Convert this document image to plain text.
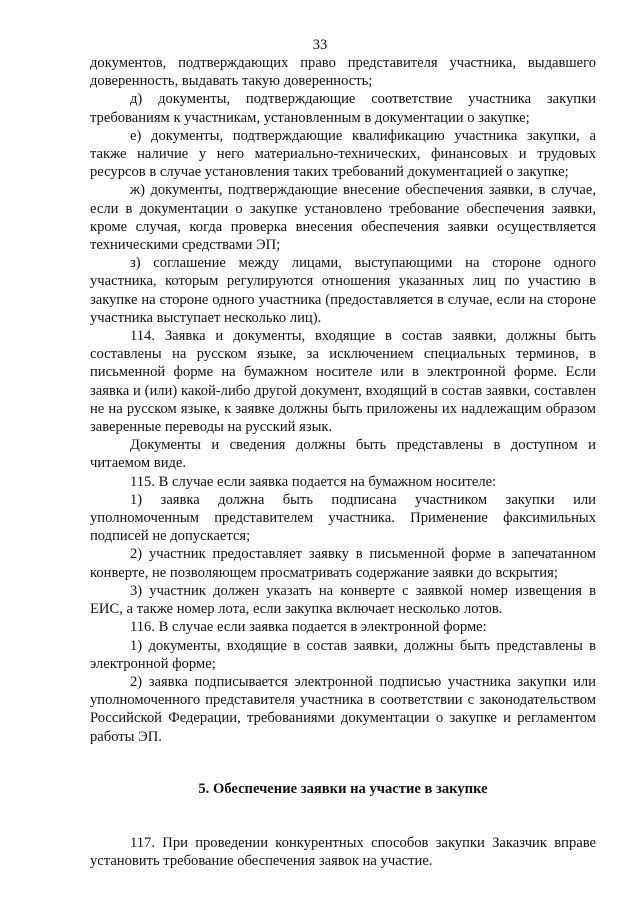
33

документов, подтверждающих право представителя участника, выдавшего доверенность, выдавать такую доверенность;

д) документы, подтверждающие соответствие участника закупки требованиям к участникам, установленным в документации о закупке;

е) документы, подтверждающие квалификацию участника закупки, а также наличие у него материально-технических, финансовых и трудовых ресурсов в случае установления таких требований документацией о закупке;

ж) документы, подтверждающие внесение обеспечения заявки, в случае, если в документации о закупке установлено требование обеспечения заявки, кроме случая, когда проверка внесения обеспечения заявки осуществляется техническими средствами ЭП;

з) соглашение между лицами, выступающими на стороне одного участника, которым регулируются отношения указанных лиц по участию в закупке на стороне одного участника (предоставляется в случае, если на стороне участника выступает несколько лиц).

114. Заявка и документы, входящие в состав заявки, должны быть составлены на русском языке, за исключением специальных терминов, в письменной форме на бумажном носителе или в электронной форме. Если заявка и (или) какой-либо другой документ, входящий в состав заявки, составлен не на русском языке, к заявке должны быть приложены их надлежащим образом заверенные переводы на русский язык.

Документы и сведения должны быть представлены в доступном и читаемом виде.

115. В случае если заявка подается на бумажном носителе:

1) заявка должна быть подписана участником закупки или уполномоченным представителем участника. Применение факсимильных подписей не допускается;

2) участник предоставляет заявку в письменной форме в запечатанном конверте, не позволяющем просматривать содержание заявки до вскрытия;

3) участник должен указать на конверте с заявкой номер извещения в ЕИС, а также номер лота, если закупка включает несколько лотов.

116. В случае если заявка подается в электронной форме:

1) документы, входящие в состав заявки, должны быть представлены в электронной форме;

2) заявка подписывается электронной подписью участника закупки или уполномоченного представителя участника в соответствии с законодательством Российской Федерации, требованиями документации о закупке и регламентом работы ЭП.

5. Обеспечение заявки на участие в закупке

117. При проведении конкурентных способов закупки Заказчик вправе установить требование обеспечения заявок на участие.
